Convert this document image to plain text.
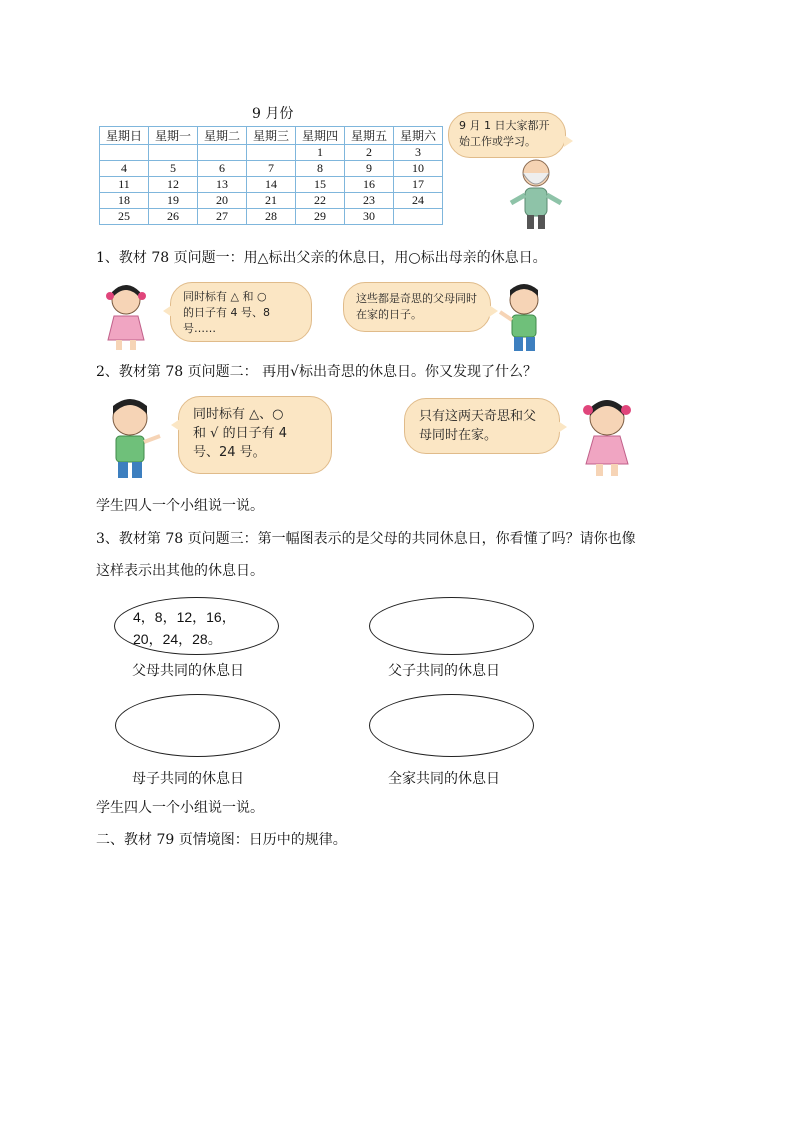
9 月份
星期日	星期一	星期二	星期三	星期四	星期五	星期六
				1	2	3
4	5	6	7	8	9	10
11	12	13	14	15	16	17
18	19	20	21	22	23	24
25	26	27	28	29	30	
9 月 1 日大家都开始工作或学习。
1、教材 78 页问题一：用△标出父亲的休息日，用○标出母亲的休息日。
同时标有 △ 和 ○
的日子有 4 号、8 号……
这些都是奇思的父母同时在家的日子。
2、教材第 78 页问题二： 再用√标出奇思的休息日。你又发现了什么？
同时标有 △、○
和 √ 的日子有 4
号、24 号。
只有这两天奇思和父母同时在家。
学生四人一个小组说一说。
3、教材第 78 页问题三：第一幅图表示的是父母的共同休息日，你看懂了吗？请你也像
这样表示出其他的休息日。
4，8，12，16，
20，24，28。
父母共同的休息日	父子共同的休息日
母子共同的休息日	全家共同的休息日
学生四人一个小组说一说。
二、教材 79 页情境图：日历中的规律。
